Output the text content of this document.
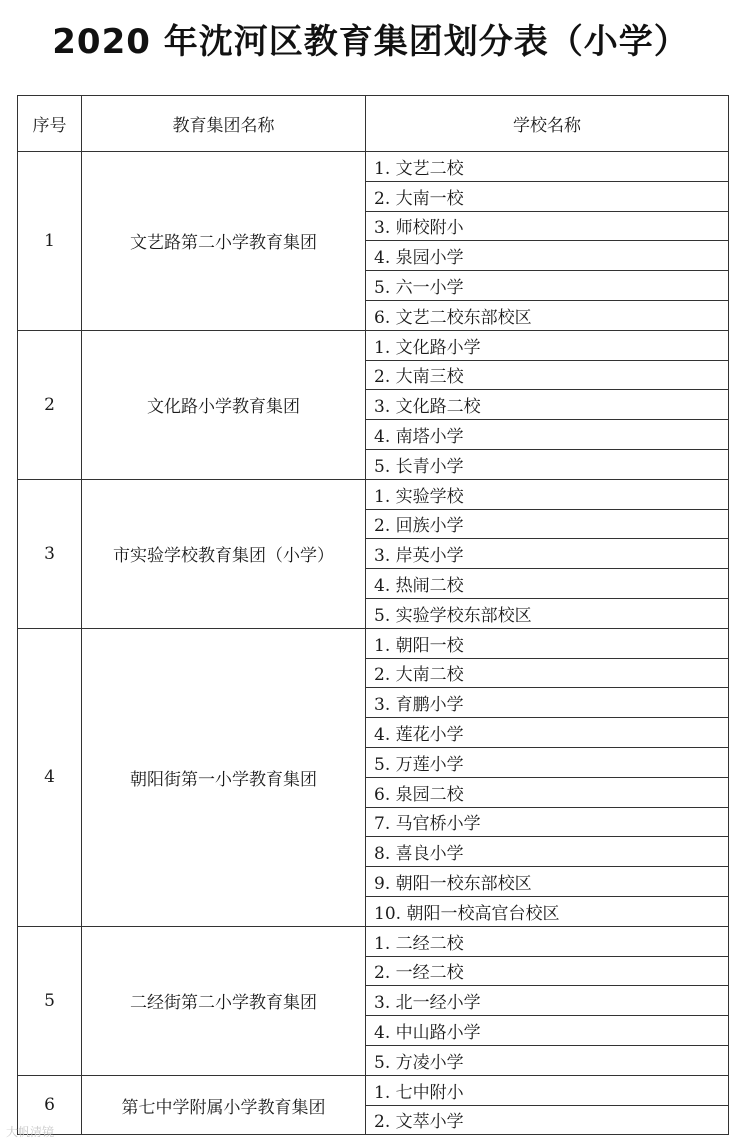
2020 年沈河区教育集团划分表（小学）
序号	教育集团名称	学校名称
1	文艺路第二小学教育集团	1. 文艺二校
		2. 大南一校
		3. 师校附小
		4. 泉园小学
		5. 六一小学
		6. 文艺二校东部校区
2	文化路小学教育集团	1. 文化路小学
		2. 大南三校
		3. 文化路二校
		4. 南塔小学
		5. 长青小学
3	市实验学校教育集团（小学）	1. 实验学校
		2. 回族小学
		3. 岸英小学
		4. 热闹二校
		5. 实验学校东部校区
4	朝阳街第一小学教育集团	1. 朝阳一校
		2. 大南二校
		3. 育鹏小学
		4. 莲花小学
		5. 万莲小学
		6. 泉园二校
		7. 马官桥小学
		8. 喜良小学
		9. 朝阳一校东部校区
		10. 朝阳一校高官台校区
5	二经街第二小学教育集团	1. 二经二校
		2. 一经二校
		3. 北一经小学
		4. 中山路小学
		5. 方凌小学
6	第七中学附属小学教育集团	1. 七中附小
		2. 文萃小学
大帆清镜
